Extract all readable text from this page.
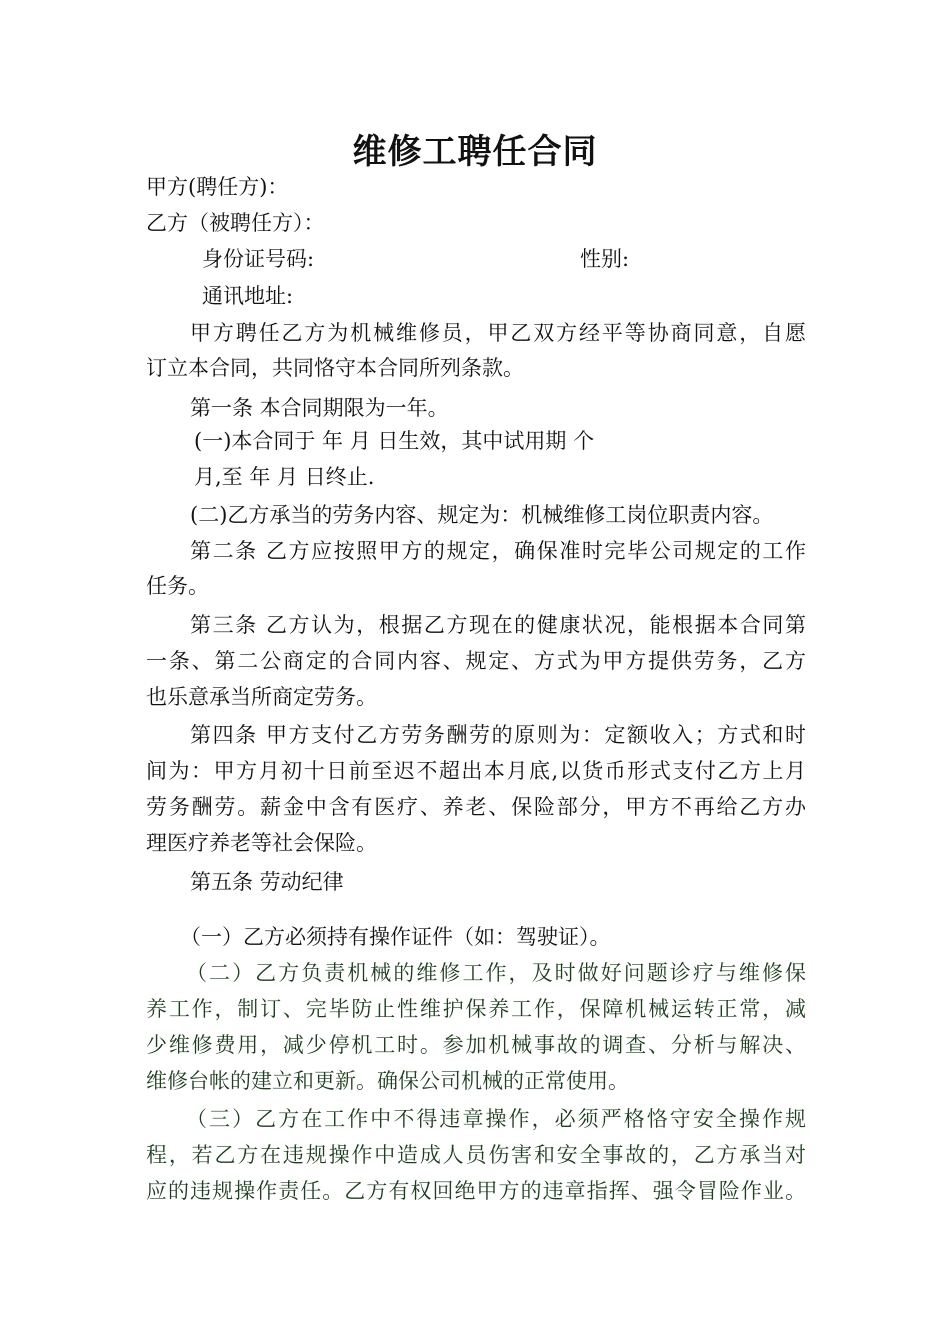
维修工聘任合同
甲方(聘任方)：
乙方（被聘任方）：
身份证号码:	性别:
通讯地址:
甲方聘任乙方为机械维修员，甲乙双方经平等协商同意，自愿
订立本合同，共同恪守本合同所列条款。
第一条 本合同期限为一年。
(一)本合同于 年 月 日生效，其中试用期 个
月,至 年 月 日终止.
(二)乙方承当的劳务内容、规定为：机械维修工岗位职责内容。
第二条 乙方应按照甲方的规定，确保准时完毕公司规定的工作
任务。
第三条 乙方认为，根据乙方现在的健康状况，能根据本合同第
一条、第二公商定的合同内容、规定、方式为甲方提供劳务，乙方
也乐意承当所商定劳务。
第四条 甲方支付乙方劳务酬劳的原则为：定额收入；方式和时
间为：甲方月初十日前至迟不超出本月底,以货币形式支付乙方上月
劳务酬劳。薪金中含有医疗、养老、保险部分，甲方不再给乙方办
理医疗养老等社会保险。
第五条 劳动纪律
（一）乙方必须持有操作证件（如：驾驶证）。
（二）乙方负责机械的维修工作，及时做好问题诊疗与维修保
养工作，制订、完毕防止性维护保养工作，保障机械运转正常，减
少维修费用，减少停机工时。参加机械事故的调查、分析与解决、
维修台帐的建立和更新。确保公司机械的正常使用。
（三）乙方在工作中不得违章操作，必须严格恪守安全操作规
程，若乙方在违规操作中造成人员伤害和安全事故的，乙方承当对
应的违规操作责任。乙方有权回绝甲方的违章指挥、强令冒险作业。
